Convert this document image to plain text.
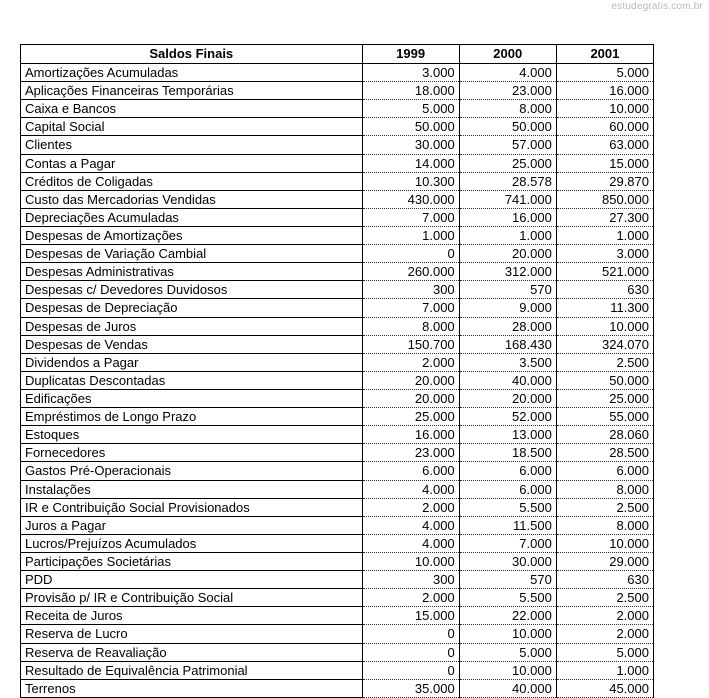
estudegratis.com.br
Saldos Finais	1999	2000	2001
Amortizações Acumuladas	3.000	4.000	5.000
Aplicações Financeiras Temporárias	18.000	23.000	16.000
Caixa e Bancos	5.000	8.000	10.000
Capital Social	50.000	50.000	60.000
Clientes	30.000	57.000	63.000
Contas a Pagar	14.000	25.000	15.000
Créditos de Coligadas	10.300	28.578	29.870
Custo das Mercadorias Vendidas	430.000	741.000	850.000
Depreciações Acumuladas	7.000	16.000	27.300
Despesas de Amortizações	1.000	1.000	1.000
Despesas de Variação Cambial	0	20.000	3.000
Despesas Administrativas	260.000	312.000	521.000
Despesas c/ Devedores Duvidosos	300	570	630
Despesas de Depreciação	7.000	9.000	11.300
Despesas de Juros	8.000	28.000	10.000
Despesas de Vendas	150.700	168.430	324.070
Dividendos a Pagar	2.000	3.500	2.500
Duplicatas Descontadas	20.000	40.000	50.000
Edificações	20.000	20.000	25.000
Empréstimos de Longo Prazo	25.000	52.000	55.000
Estoques	16.000	13.000	28.060
Fornecedores	23.000	18.500	28.500
Gastos Pré-Operacionais	6.000	6.000	6.000
Instalações	4.000	6.000	8.000
IR e Contribuição Social Provisionados	2.000	5.500	2.500
Juros a Pagar	4.000	11.500	8.000
Lucros/Prejuízos Acumulados	4.000	7.000	10.000
Participações Societárias	10.000	30.000	29.000
PDD	300	570	630
Provisão p/ IR e Contribuição Social	2.000	5.500	2.500
Receita de Juros	15.000	22.000	2.000
Reserva de Lucro	0	10.000	2.000
Reserva de Reavaliação	0	5.000	5.000
Resultado de Equivalência Patrimonial	0	10.000	1.000
Terrenos	35.000	40.000	45.000
